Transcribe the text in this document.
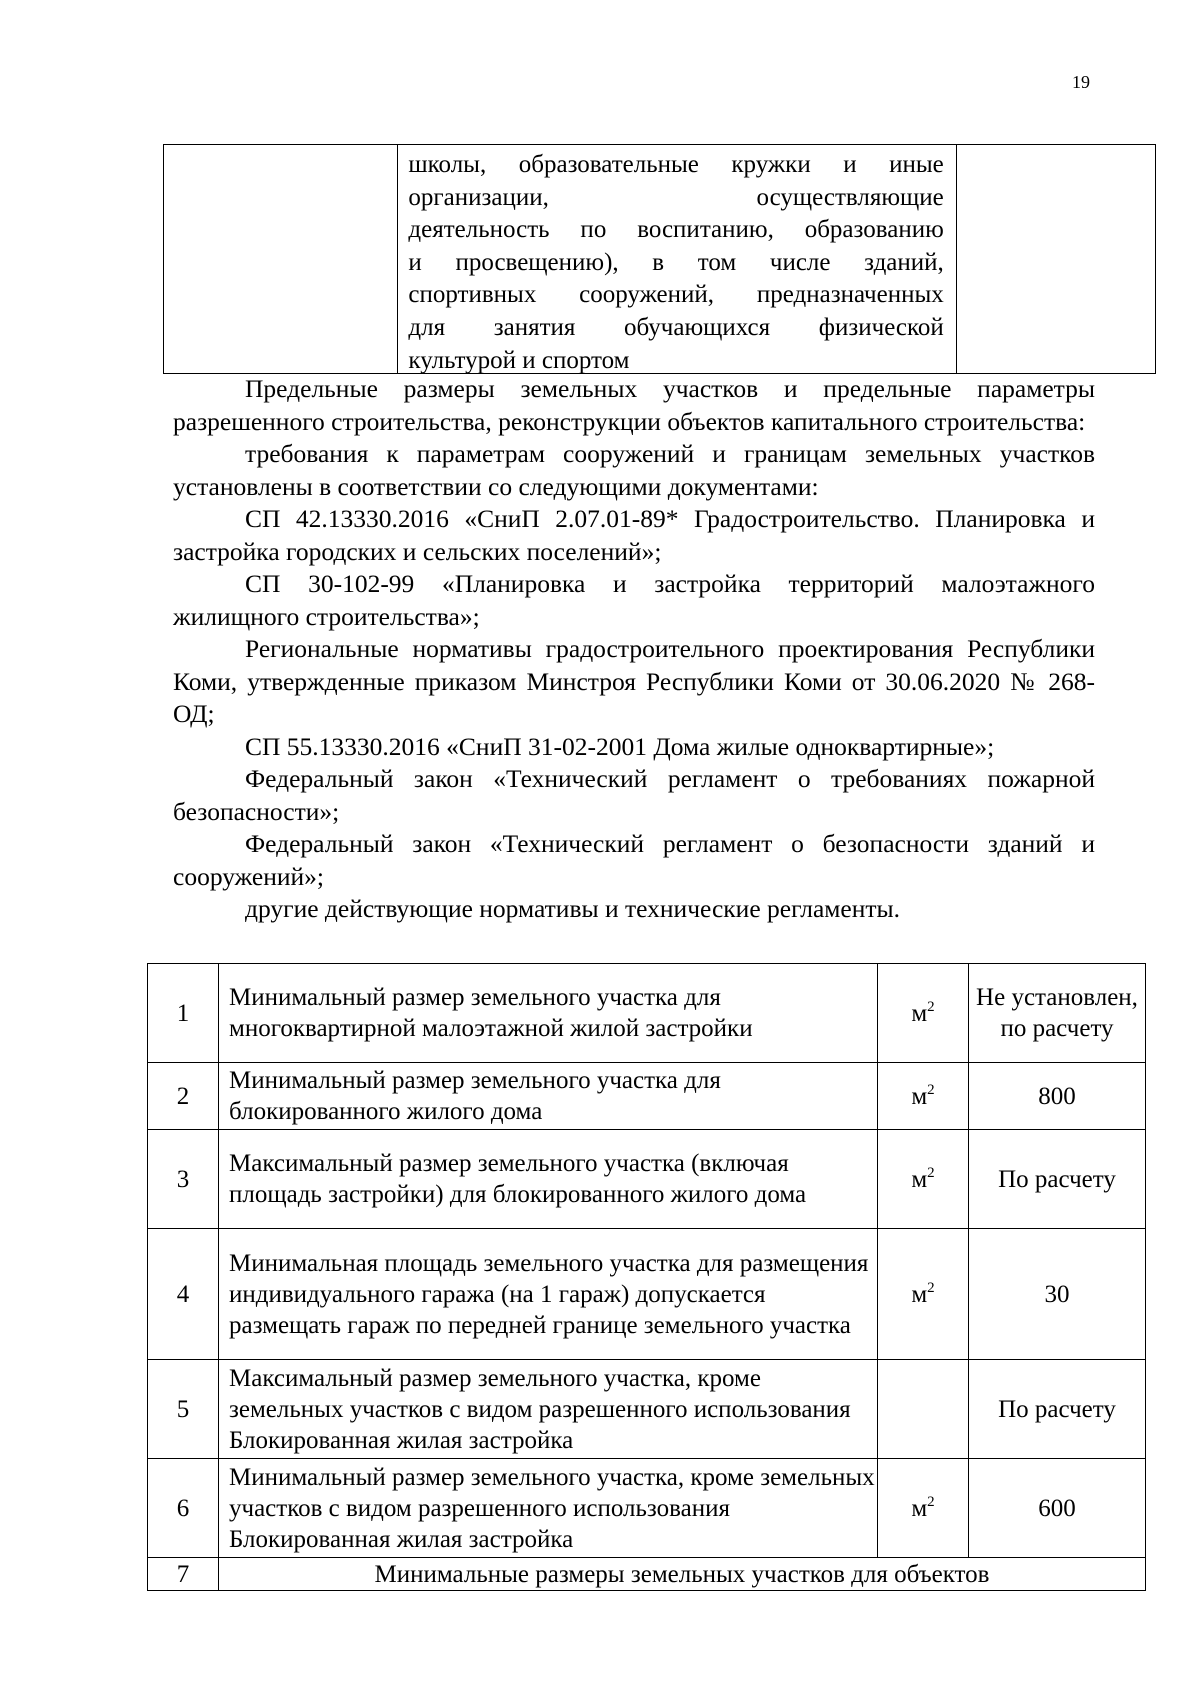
19

школы, образовательные кружки и иные
организации, осуществляющие
деятельность по воспитанию, образованию
и просвещению), в том числе зданий,
спортивных сооружений, предназначенных
для занятия обучающихся физической
культурой и спортом

Предельные размеры земельных участков и предельные параметры разрешенного строительства, реконструкции объектов капитального строительства:

требования к параметрам сооружений и границам земельных участков установлены в соответствии со следующими документами:

СП 42.13330.2016 «СниП 2.07.01-89* Градостроительство. Планировка и застройка городских и сельских поселений»;

СП 30-102-99 «Планировка и застройка территорий малоэтажного жилищного строительства»;

Региональные нормативы градостроительного проектирования Республики Коми, утвержденные приказом Минстроя Республики Коми от 30.06.2020 № 268-ОД;

СП 55.13330.2016 «СниП 31-02-2001 Дома жилые одноквартирные»;

Федеральный закон «Технический регламент о требованиях пожарной безопасности»;

Федеральный закон «Технический регламент о безопасности зданий и сооружений»;

другие действующие нормативы и технические регламенты.

1	Минимальный размер земельного участка для многоквартирной малоэтажной жилой застройки	$м^2$	Не установлен, по расчету
2	Минимальный размер земельного участка для блокированного жилого дома	$м^2$	800
3	Максимальный размер земельного участка (включая площадь застройки) для блокированного жилого дома	$м^2$	По расчету
4	Минимальная площадь земельного участка для размещения индивидуального гаража (на 1 гараж) допускается размещать гараж по передней границе земельного участка	$м^2$	30
5	Максимальный размер земельного участка, кроме земельных участков с видом разрешенного использования Блокированная жилая застройка		По расчету
6	Минимальный размер земельного участка, кроме земельных участков с видом разрешенного использования Блокированная жилая застройка	$м^2$	600
7	Минимальные размеры земельных участков для объектов		
